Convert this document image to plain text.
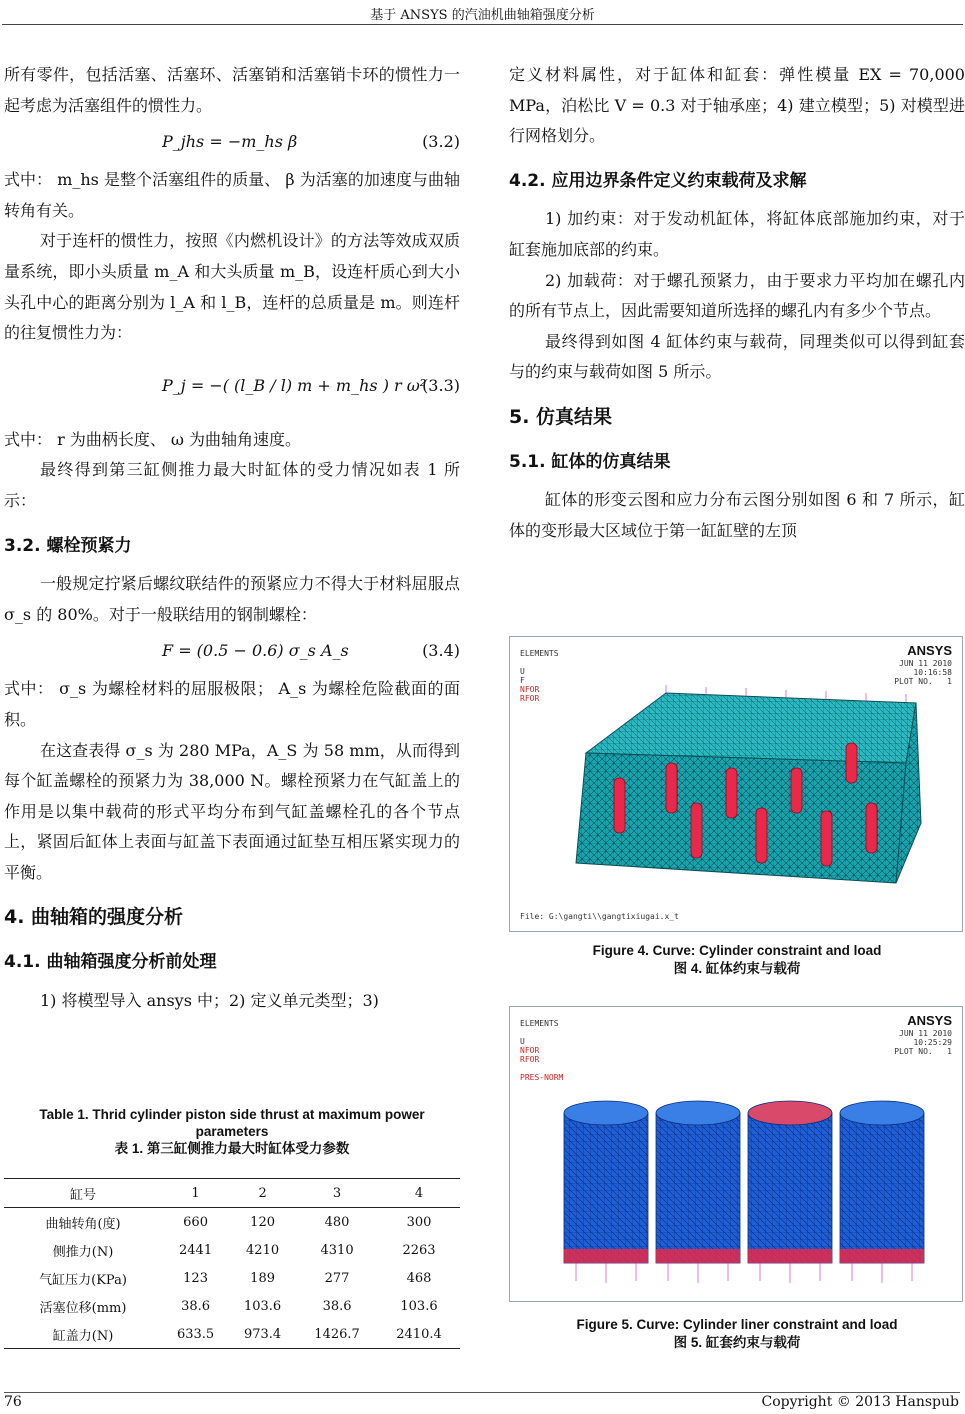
基于 ANSYS 的汽油机曲轴箱强度分析

所有零件，包括活塞、活塞环、活塞销和活塞销卡环的惯性力一起考虑为活塞组件的惯性力。

P_jhs = −m_hs β	(3.2)

式中： m_hs 是整个活塞组件的质量、 β 为活塞的加速度与曲轴转角有关。

对于连杆的惯性力，按照《内燃机设计》的方法等效成双质量系统，即小头质量 m_A 和大头质量 m_B，设连杆质心到大小头孔中心的距离分别为 l_A 和 l_B，连杆的总质量是 m。则连杆的往复惯性力为：

P_j = −( (l_B / l) m + m_hs ) r ω²
(3.3)

式中： r 为曲柄长度、 ω 为曲轴角速度。

最终得到第三缸侧推力最大时缸体的受力情况如表 1 所示：

3.2. 螺栓预紧力

一般规定拧紧后螺纹联结件的预紧应力不得大于材料屈服点 σ_s 的 80%。对于一般联结用的钢制螺栓：

F = (0.5 − 0.6) σ_s A_s	(3.4)

式中： σ_s 为螺栓材料的屈服极限； A_s 为螺栓危险截面的面积。

在这查表得 σ_s 为 280 MPa，A_S 为 58 mm，从而得到每个缸盖螺栓的预紧力为 38,000 N。螺栓预紧力在气缸盖上的作用是以集中载荷的形式平均分布到气缸盖螺栓孔的各个节点上，紧固后缸体上表面与缸盖下表面通过缸垫互相压紧实现力的平衡。

4. 曲轴箱的强度分析
4.1. 曲轴箱强度分析前处理

1) 将模型导入 ansys 中；2) 定义单元类型；3)

Table 1. Thrid cylinder piston side thrust at maximum power parameters
表 1. 第三缸侧推力最大时缸体受力参数
缸号	1	2	3	4
曲轴转角(度)	660	120	480	300
侧推力(N)	2441	4210	4310	2263
气缸压力(KPa)	123	189	277	468
活塞位移(mm)	38.6	103.6	38.6	103.6
缸盖力(N)	633.5	973.4	1426.7	2410.4

定义材料属性，对于缸体和缸套：弹性模量 EX = 70,000 MPa，泊松比 V = 0.3 对于轴承座；4) 建立模型；5) 对模型进行网格划分。

4.2. 应用边界条件定义约束载荷及求解

1) 加约束：对于发动机缸体，将缸体底部施加约束，对于缸套施加底部的约束。

2) 加载荷：对于螺孔预紧力，由于要求力平均加在螺孔内的所有节点上，因此需要知道所选择的螺孔内有多少个节点。

最终得到如图 4 缸体约束与载荷，同理类似可以得到缸套与的约束与载荷如图 5 所示。

5. 仿真结果
5.1. 缸体的仿真结果

缸体的形变云图和应力分布云图分别如图 6 和 7 所示，缸体的变形最大区域位于第一缸缸壁的左顶

ELEMENTS

U
F
NFOR
RFOR
ANSYS
JUN 11 2010
10:16:58
PLOT NO.   1
File: G:\gangti\\gangtixiugai.x_t
Figure 4. Curve: Cylinder constraint and load
图 4. 缸体约束与载荷
ELEMENTS

U
NFOR
RFOR

PRES-NORM
ANSYS
JUN 11 2010
10:25:29
PLOT NO.   1
Figure 5. Curve: Cylinder liner constraint and load
图 5. 缸套约束与载荷
76	Copyright © 2013 Hanspub
